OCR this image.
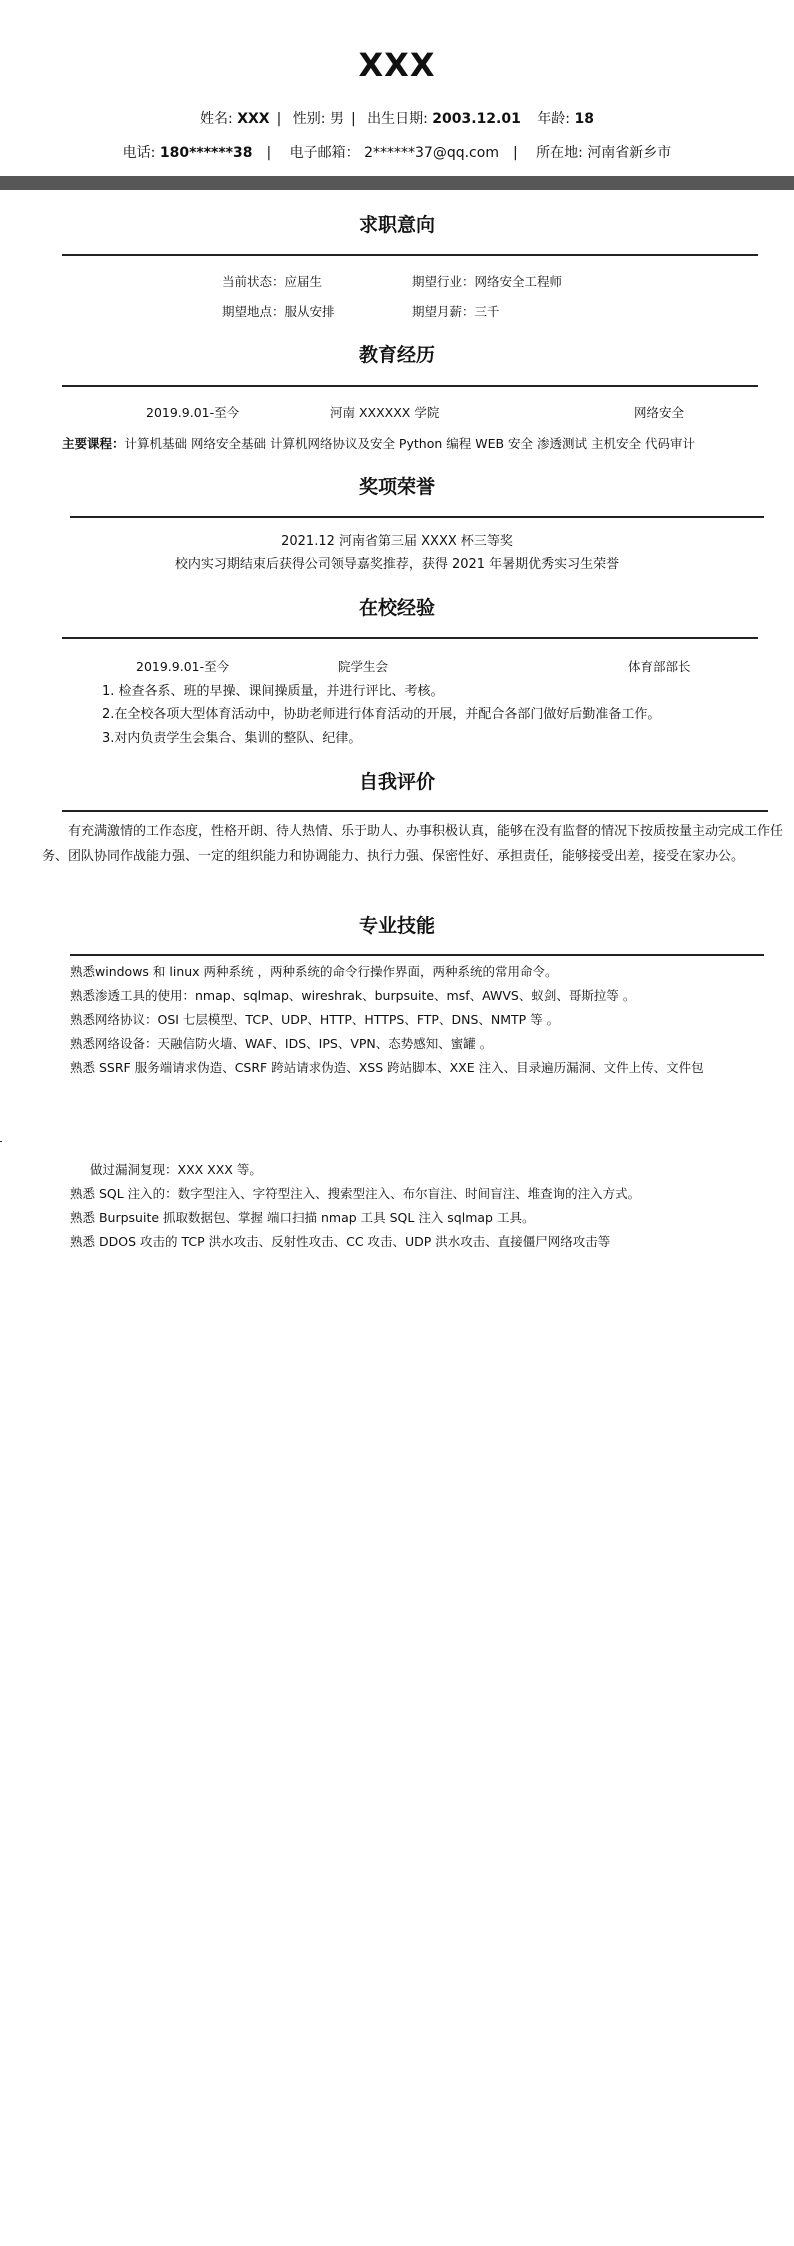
XXX
姓名: XXX | 性别: 男 | 出生日期: 2003.12.01 年龄: 18
电话: 180******38 | 电子邮箱： 2******37@qq.com | 所在地: 河南省新乡市
求职意向
当前状态：应届生	期望行业：网络安全工程师
期望地点：服从安排	期望月薪：三千
教育经历
2019.9.01-至今	河南 XXXXXX 学院	网络安全
主要课程：计算机基础 网络安全基础 计算机网络协议及安全 Python 编程 WEB 安全 渗透测试 主机安全 代码审计
奖项荣誉
2021.12 河南省第三届 XXXX 杯三等奖
校内实习期结束后获得公司领导嘉奖推荐，获得 2021 年暑期优秀实习生荣誉
在校经验
2019.9.01-至今	院学生会	体育部部长
1. 检查各系、班的早操、课间操质量，并进行评比、考核。
2.在全校各项大型体育活动中，协助老师进行体育活动的开展，并配合各部门做好后勤准备工作。
3.对内负责学生会集合、集训的整队、纪律。
自我评价
有充满激情的工作态度，性格开朗、待人热情、乐于助人、办事积极认真，能够在没有监督的情况下按质按量主动完成工作任务、团队协同作战能力强、一定的组织能力和协调能力、执行力强、保密性好、承担责任，能够接受出差，接受在家办公。
专业技能
熟悉windows 和 linux 两种系统 ，两种系统的命令行操作界面，两种系统的常用命令。
熟悉渗透工具的使用：nmap、sqlmap、wireshrak、burpsuite、msf、AWVS、蚁剑、哥斯拉等 。
熟悉网络协议：OSI 七层模型、TCP、UDP、HTTP、HTTPS、FTP、DNS、NMTP 等 。
熟悉网络设备：天融信防火墙、WAF、IDS、IPS、VPN、态势感知、蜜罐 。
熟悉 SSRF 服务端请求伪造、CSRF 跨站请求伪造、XSS 跨站脚本、XXE 注入、目录遍历漏洞、文件上传、文件包
做过漏洞复现：XXX XXX 等。
熟悉 SQL 注入的：数字型注入、字符型注入、搜索型注入、布尔盲注、时间盲注、堆查询的注入方式。
熟悉 Burpsuite 抓取数据包、掌握 端口扫描 nmap 工具 SQL 注入 sqlmap 工具。
熟悉 DDOS 攻击的 TCP 洪水攻击、反射性攻击、CC 攻击、UDP 洪水攻击、直接僵尸网络攻击等
